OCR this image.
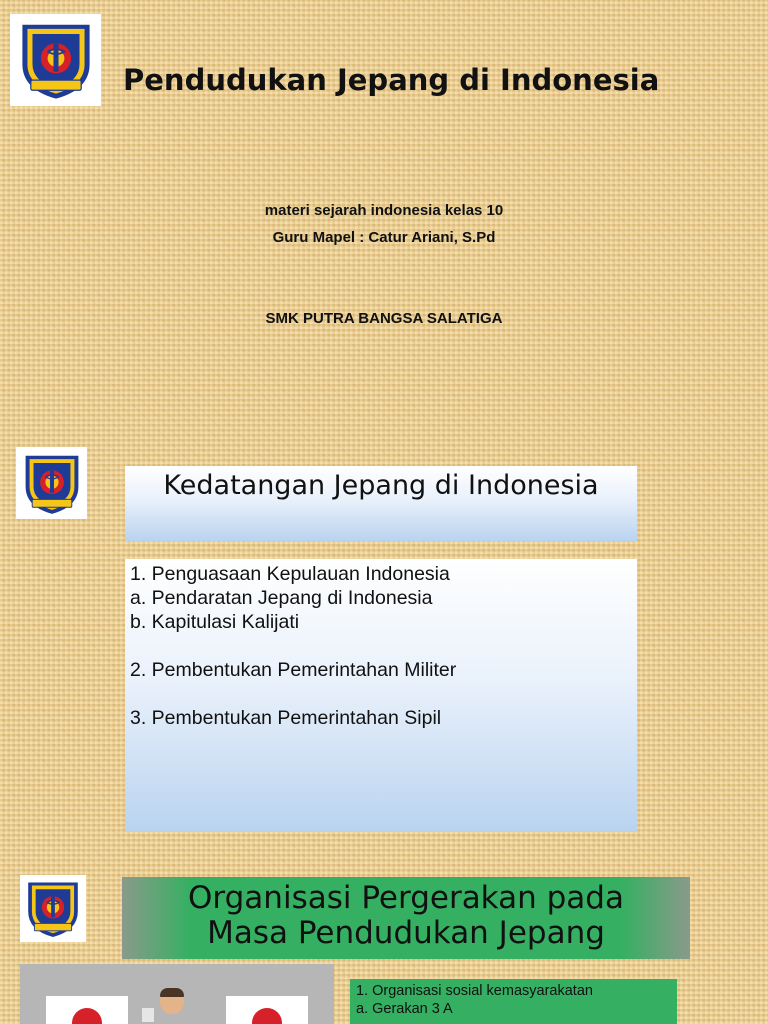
Pendudukan Jepang di Indonesia
materi sejarah indonesia kelas 10
Guru Mapel : Catur Ariani, S.Pd
SMK PUTRA BANGSA SALATIGA
Kedatangan Jepang di Indonesia
1. Penguasaan Kepulauan Indonesia
a. Pendaratan Jepang di Indonesia
b. Kapitulasi Kalijati
2. Pembentukan Pemerintahan Militer
3. Pembentukan Pemerintahan Sipil
Organisasi Pergerakan pada
Masa Pendudukan Jepang
1. Organisasi sosial kemasyarakatan
a. Gerakan 3 A
